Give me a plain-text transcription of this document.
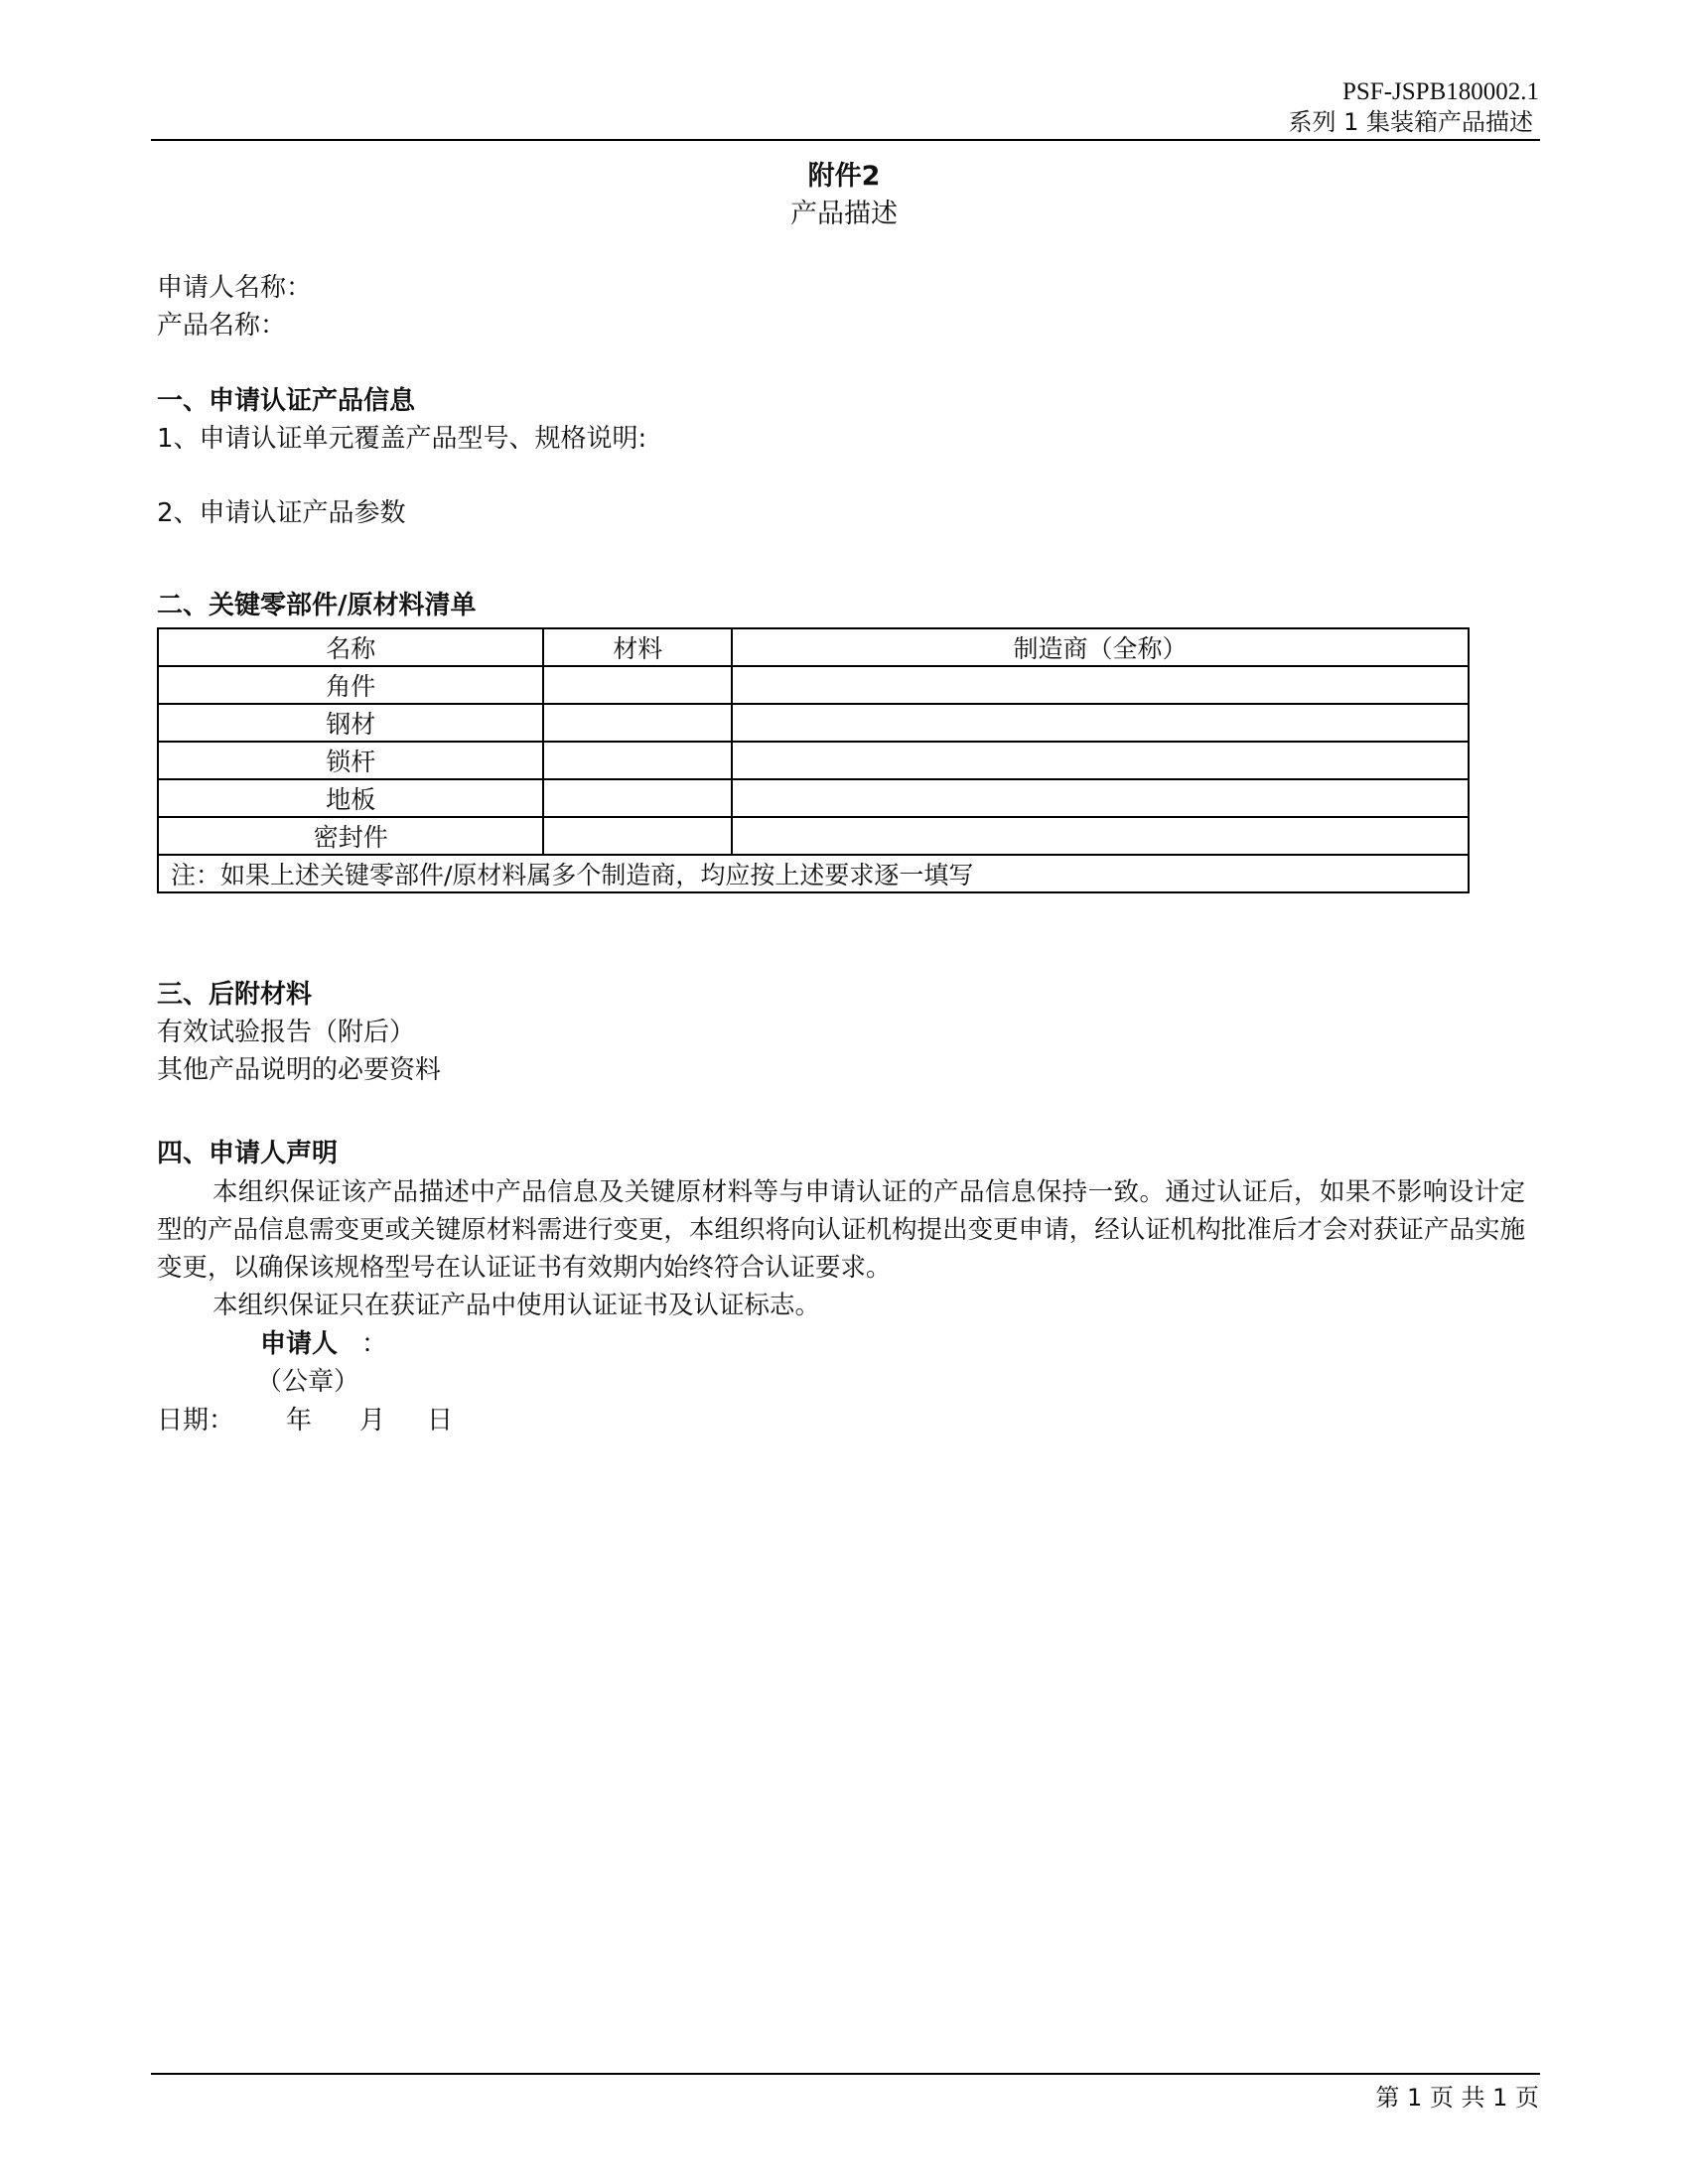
PSF-JSPB180002.1
系列 1 集装箱产品描述
附件2
产品描述
申请人名称：
产品名称：
一、申请认证产品信息
1、申请认证单元覆盖产品型号、规格说明:
2、申请认证产品参数
二、关键零部件/原材料清单
名称	材料	制造商（全称）
角件		
钢材		
锁杆		
地板		
密封件		
注：如果上述关键零部件/原材料属多个制造商，均应按上述要求逐一填写		
三、后附材料
有效试验报告（附后）
其他产品说明的必要资料
四、申请人声明

本组织保证该产品描述中产品信息及关键原材料等与申请认证的产品信息保持一致。通过认证后，如果不影响设计定型的产品信息需变更或关键原材料需进行变更，本组织将向认证机构提出变更申请，经认证机构批准后才会对获证产品实施变更，以确保该规格型号在认证证书有效期内始终符合认证要求。

本组织保证只在获证产品中使用认证证书及认证标志。

申请人 ：
（公章）
日期： 年 月 日
第 1 页 共 1 页
